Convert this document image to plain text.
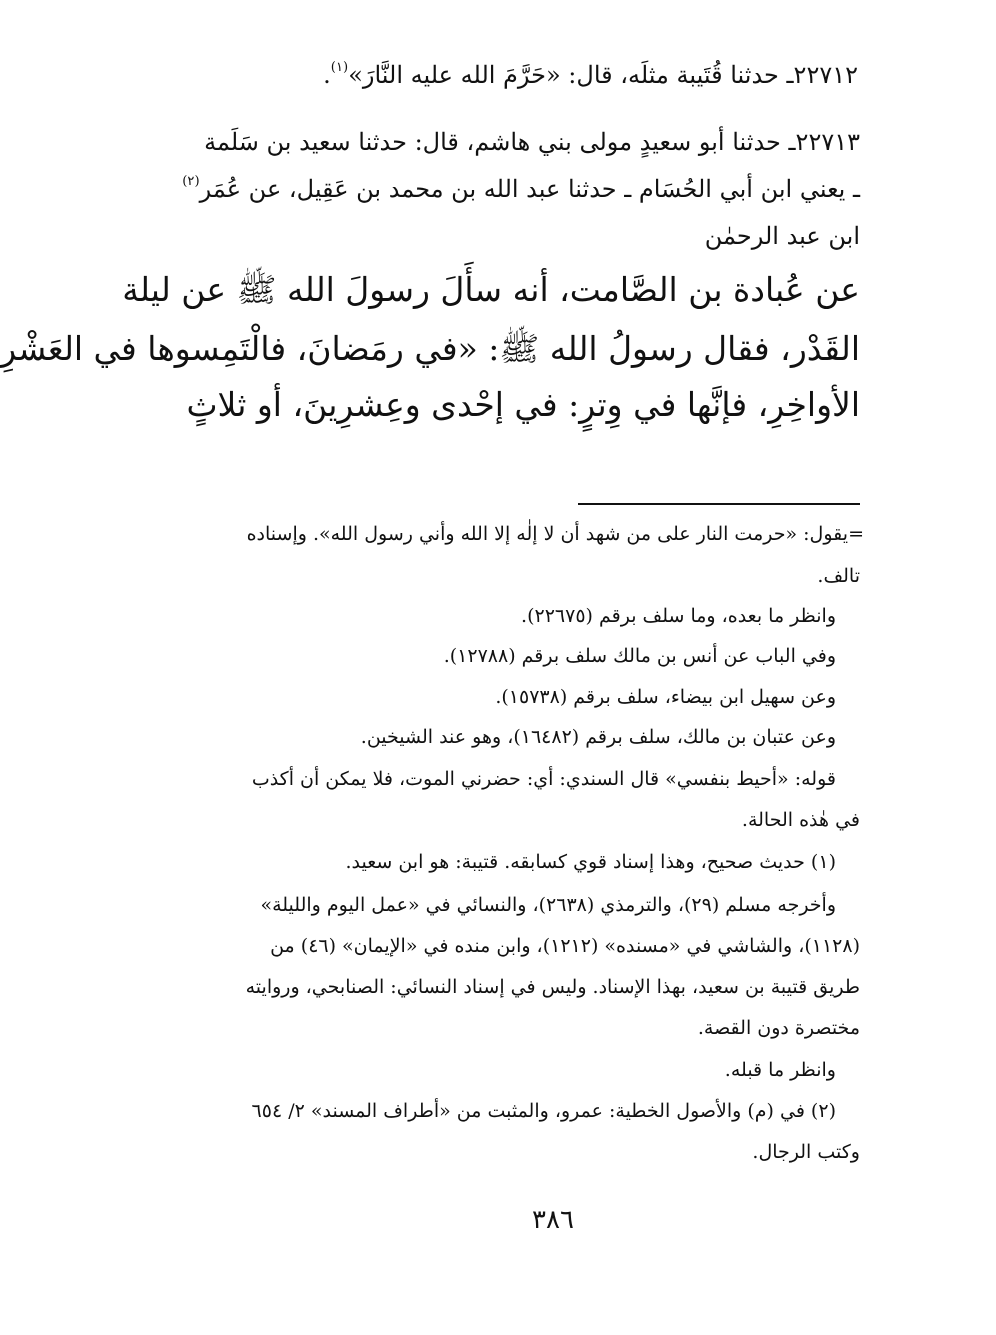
٢٢٧١٢ـ حدثنا قُتَيبة مثلَه، قال: «حَرَّمَ الله عليه النَّارَ»$^{(١)}$.
٢٢٧١٣ـ حدثنا أبو سعيدٍ مولى بني هاشم، قال: حدثنا سعيد بن سَلَمة
ـ يعني ابن أبي الحُسَام ـ حدثنا عبد الله بن محمد بن عَقِيل، عن عُمَر$^{(٢)}$
ابن عبد الرحمٰن
عن عُبادة بن الصَّامت، أنه سأَلَ رسولَ الله ﷺ عن ليلة
القَدْر، فقال رسولُ الله ﷺ: «في رمَضانَ، فالْتَمِسوها في العَشْرِ
الأواخِرِ، فإنَّها في وِترٍ: في إحْدى وعِشرِينَ، أو ثلاثٍ
=يقول: «حرمت النار على من شهد أن لا إلٰه إلا الله وأني رسول الله». وإسناده
تالف.
وانظر ما بعده، وما سلف برقم (٢٢٦٧٥).
وفي الباب عن أنس بن مالك سلف برقم (١٢٧٨٨).
وعن سهيل ابن بيضاء، سلف برقم (١٥٧٣٨).
وعن عتبان بن مالك، سلف برقم (١٦٤٨٢)، وهو عند الشيخين.
قوله: «أحيط بنفسي» قال السندي: أي: حضرني الموت، فلا يمكن أن أكذب
في هٰذه الحالة.
(١) حديث صحيح، وهذا إسناد قوي كسابقه. قتيبة: هو ابن سعيد.
وأخرجه مسلم (٢٩)، والترمذي (٢٦٣٨)، والنسائي في «عمل اليوم والليلة»
(١١٢٨)، والشاشي في «مسنده» (١٢١٢)، وابن منده في «الإيمان» (٤٦) من
طريق قتيبة بن سعيد، بهذا الإسناد. وليس في إسناد النسائي: الصنابحي، وروايته
مختصرة دون القصة.
وانظر ما قبله.
(٢) في (م) والأصول الخطية: عمرو، والمثبت من «أطراف المسند» ٢/ ٦٥٤
وكتب الرجال.
٣٨٦
